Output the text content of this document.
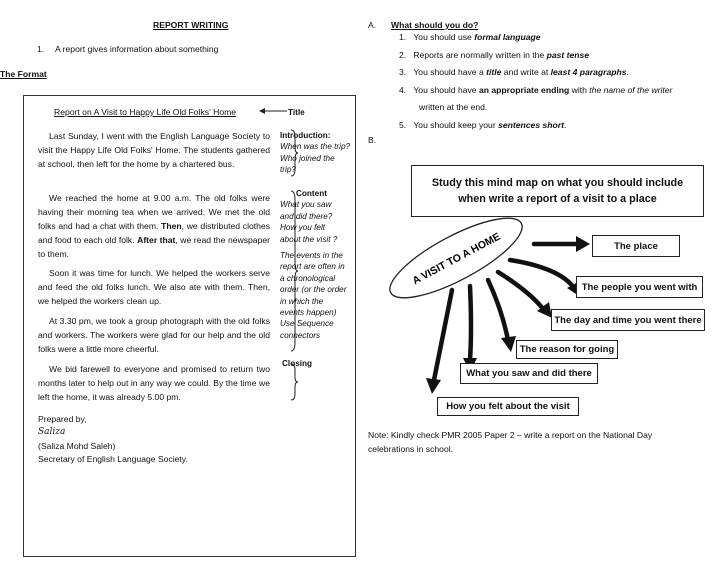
REPORT WRITING
1. A report gives information about something
The Format
Report on A Visit to Happy Life Old Folks' Home

Last Sunday, I went with the English Language Society to visit the Happy Life Old Folks' Home. The students gathered at school, then left for the home by a chartered bus.

We reached the home at 9.00 a.m. The old folks were having their morning tea when we arrived. We met the old folks and had a chat with them. Then, we distributed clothes and food to each old folk. After that, we read the newspaper to them.

Soon it was time for lunch. We helped the workers serve and feed the old folks lunch. We also ate with them. Then, we helped the workers clean up.

At 3.30 pm, we took a group photograph with the old folks and workers. The workers were glad for our help and the old folks were a little more cheerful.

We bid farewell to everyone and promised to return two months later to help out in any way we could. By the time we left the home, it was already 5.00 pm.

Prepared by,
Saliza
(Saliza Mohd Saleh)
Secretary of English Language Society.
Title
Introduction:
When was the trip?
Who joined the
trip?
Content
What you saw
and did there?
How you felt
about the visit ?
The events in the
report are often in
a chronological
order (or the order
in which the
events happen)
Use Sequence
connectors
Closing
A. What should you do?
1. You should use formal language
2. Reports are normally written in the past tense
3. You should have a title and write at least 4 paragraphs.
4. You should have an appropriate ending with the name of the writer
written at the end.
5. You should keep your sentences short.
B.
Study this mind map on what you should include
when write a report of a visit to a place
A VISIT TO A HOME	The place
The people you went with
The day and time you went there
The reason for going
What you saw and did there
How you felt about the visit
Note: Kindly check PMR 2005 Paper 2 – write a report on the National Day
celebrations in school.
